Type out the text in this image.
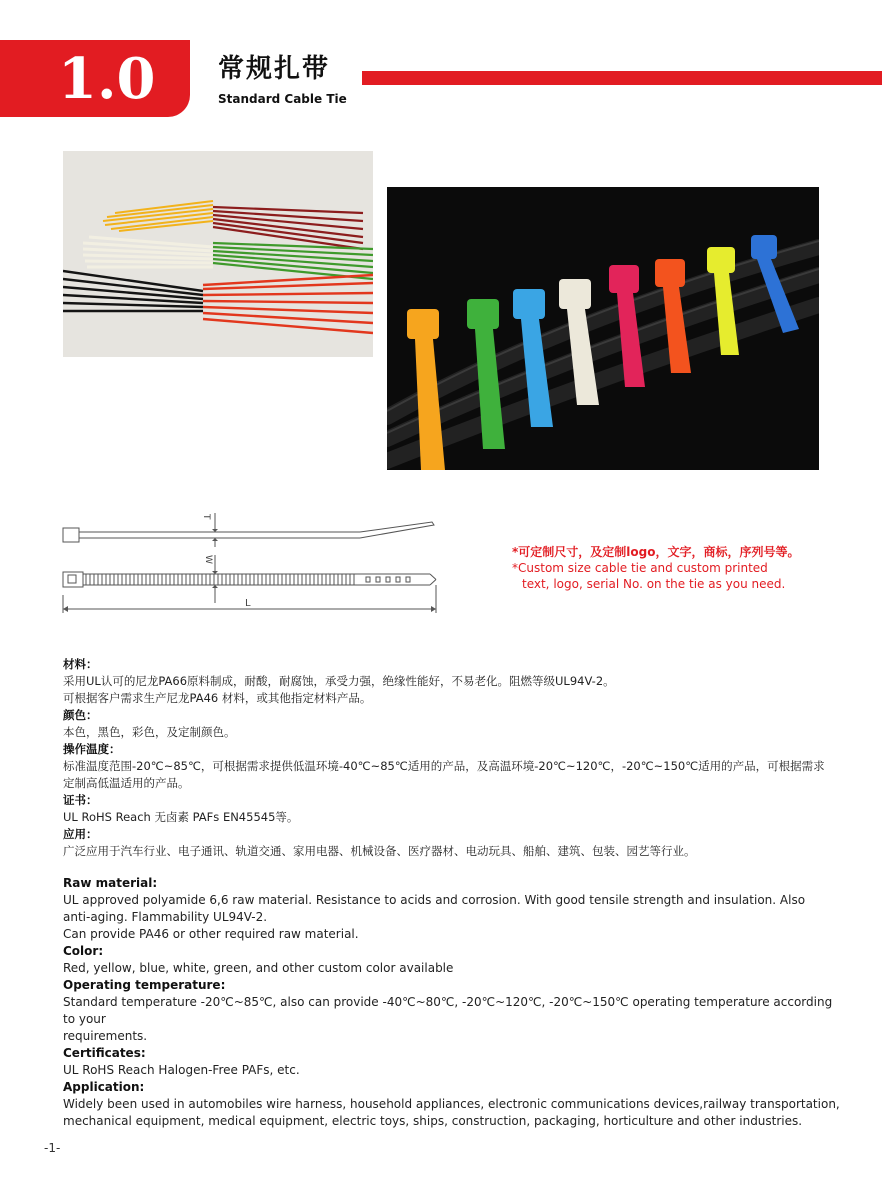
1.0 常规扎带
Standard Cable Tie
T
W
L
*可定制尺寸，及定制logo，文字，商标，序列号等。
*Custom size cable tie and custom printed
text, logo, serial No. on the tie as you need.
材料：
采用UL认可的尼龙PA66原料制成，耐酸，耐腐蚀，承受力强，绝缘性能好，不易老化。阻燃等级UL94V-2。
可根据客户需求生产尼龙PA46 材料，或其他指定材料产品。
颜色：
本色，黑色，彩色，及定制颜色。
操作温度：
标准温度范围-20℃~85℃，可根据需求提供低温环境-40℃~85℃适用的产品，及高温环境-20℃~120℃，-20℃~150℃适用的产品，可根据需求
定制高低温适用的产品。
证书：
UL RoHS Reach 无卤素 PAFs EN45545等。
应用：
广泛应用于汽车行业、电子通讯、轨道交通、家用电器、机械设备、医疗器材、电动玩具、船舶、建筑、包装、园艺等行业。
Raw material:
UL approved polyamide 6,6 raw material. Resistance to acids and corrosion. With good tensile strength and insulation. Also
anti-aging. Flammability UL94V-2.
Can provide PA46 or other required raw material.
Color:
Red, yellow, blue, white, green, and other custom color available
Operating temperature:
Standard temperature -20℃~85℃, also can provide -40℃~80℃, -20℃~120℃, -20℃~150℃ operating temperature according to your
requirements.
Certificates:
UL RoHS Reach Halogen-Free PAFs, etc.
Application:
Widely been used in automobiles wire harness, household appliances, electronic communications devices,railway transportation,
mechanical equipment, medical equipment, electric toys, ships, construction, packaging, horticulture and other industries.
-1-
